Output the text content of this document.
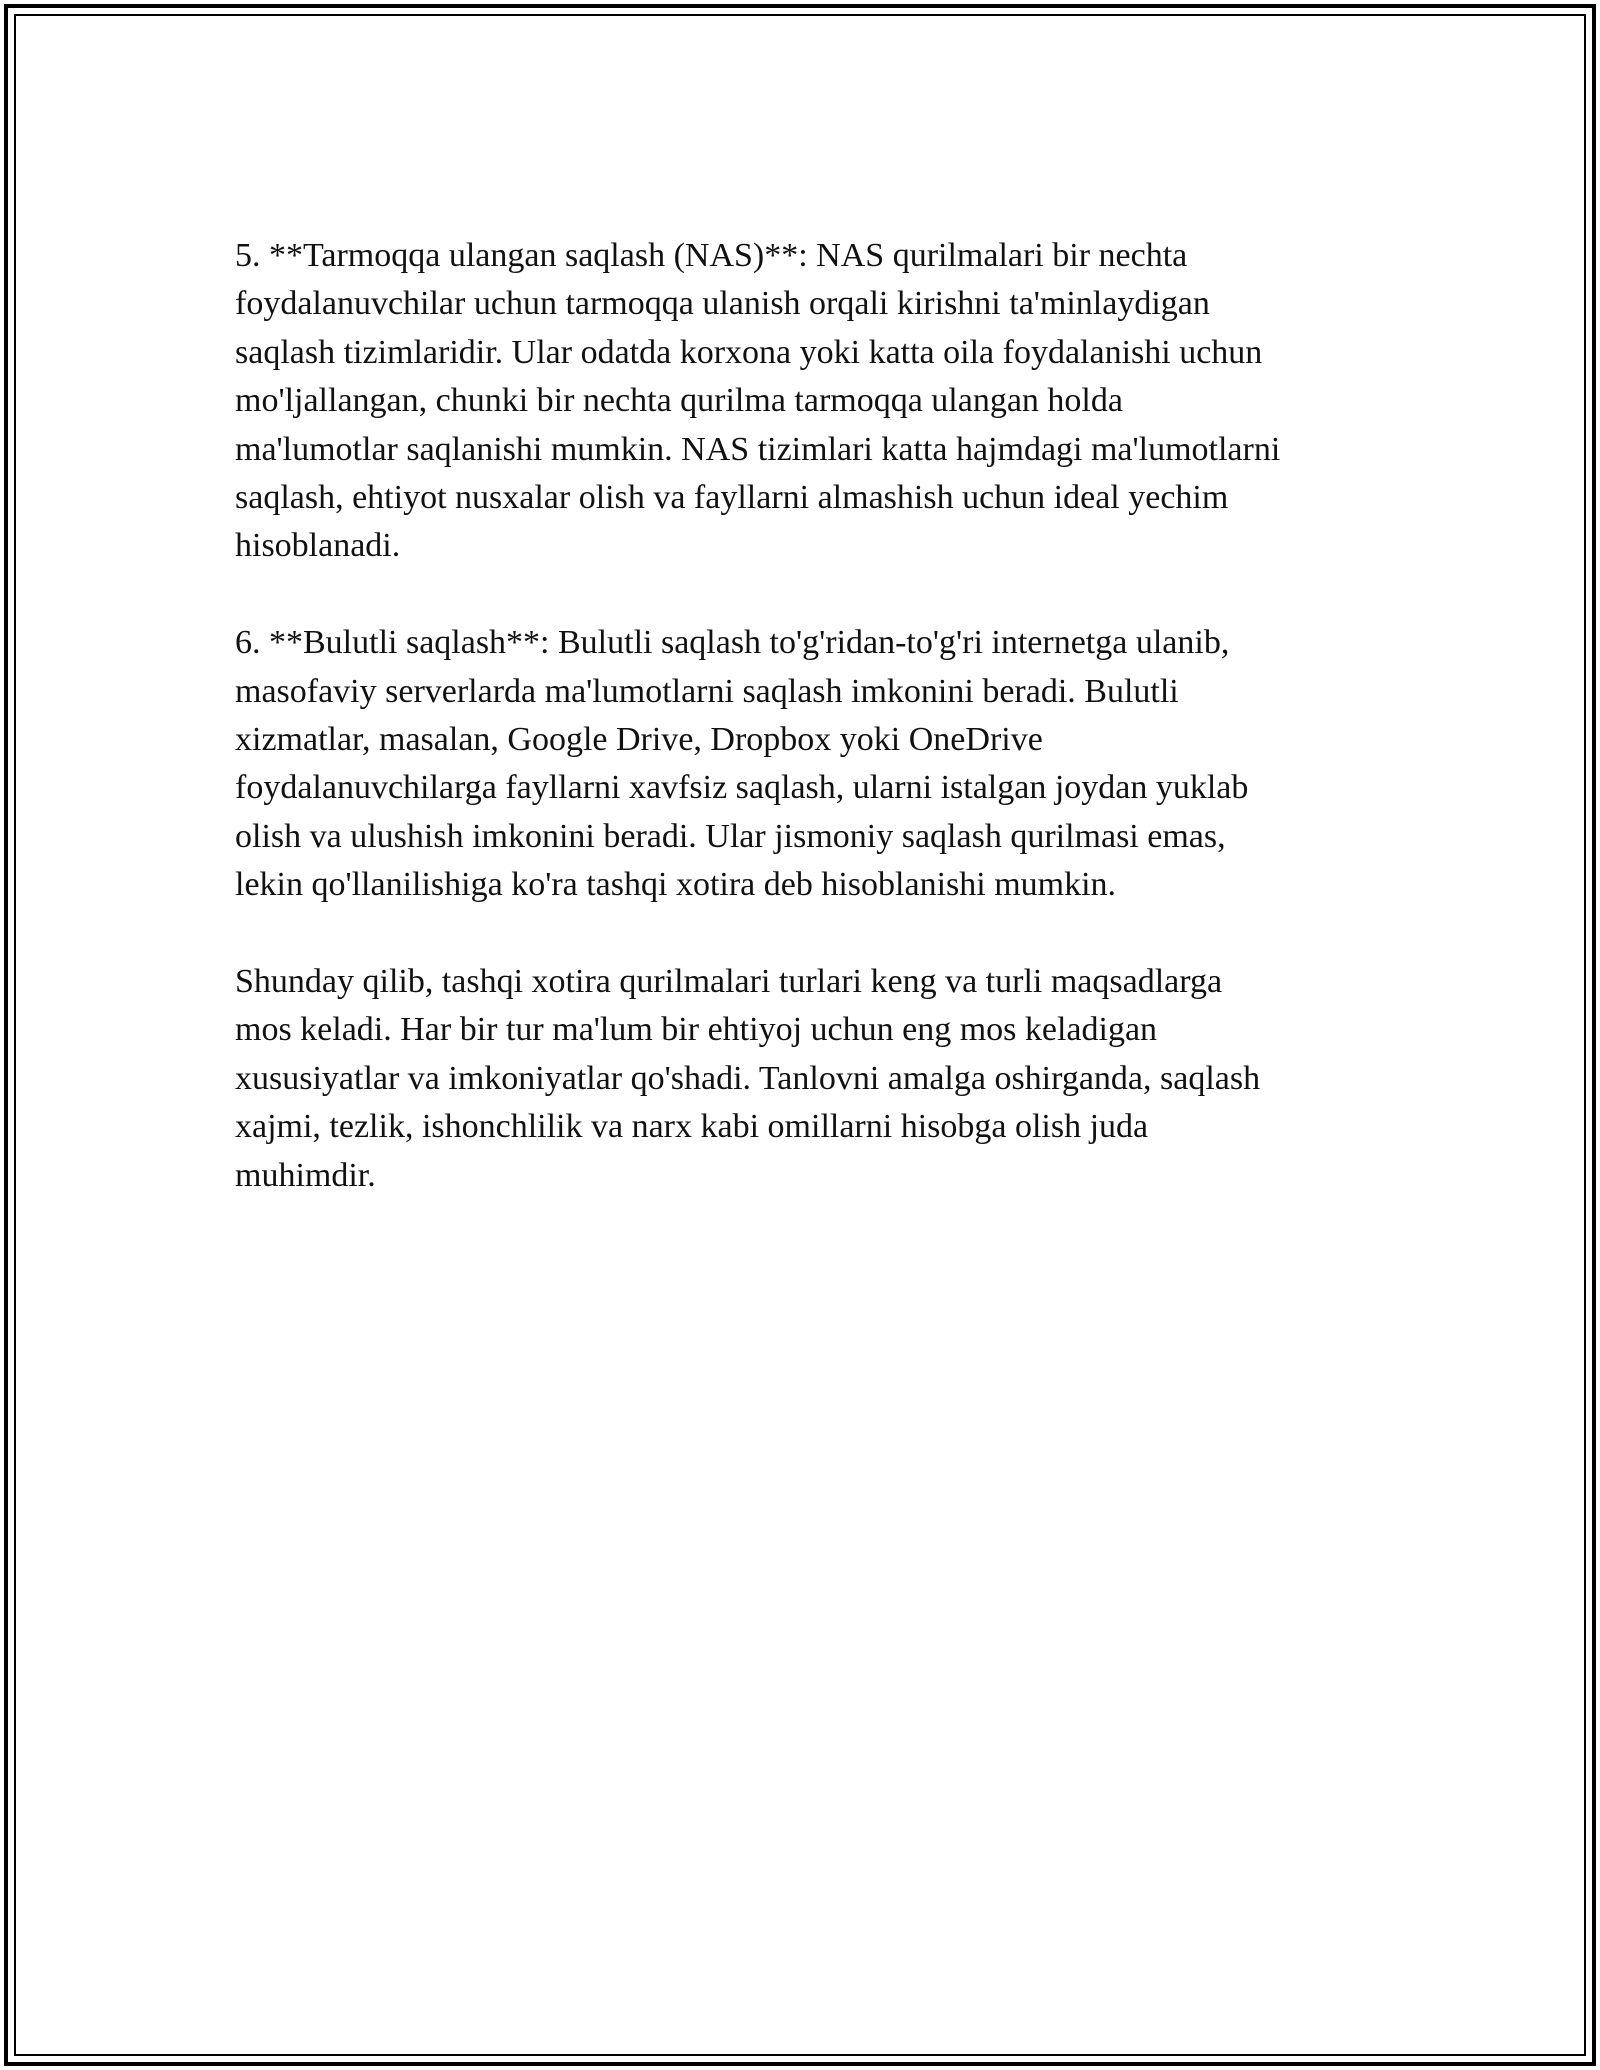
5. **Tarmoqqa ulangan saqlash (NAS)**: NAS qurilmalari bir nechta
foydalanuvchilar uchun tarmoqqa ulanish orqali kirishni ta'minlaydigan
saqlash tizimlaridir. Ular odatda korxona yoki katta oila foydalanishi uchun
mo'ljallangan, chunki bir nechta qurilma tarmoqqa ulangan holda
ma'lumotlar saqlanishi mumkin. NAS tizimlari katta hajmdagi ma'lumotlarni
saqlash, ehtiyot nusxalar olish va fayllarni almashish uchun ideal yechim
hisoblanadi.

6. **Bulutli saqlash**: Bulutli saqlash to'g'ridan-to'g'ri internetga ulanib,
masofaviy serverlarda ma'lumotlarni saqlash imkonini beradi. Bulutli
xizmatlar, masalan, Google Drive, Dropbox yoki OneDrive
foydalanuvchilarga fayllarni xavfsiz saqlash, ularni istalgan joydan yuklab
olish va ulushish imkonini beradi. Ular jismoniy saqlash qurilmasi emas,
lekin qo'llanilishiga ko'ra tashqi xotira deb hisoblanishi mumkin.

Shunday qilib, tashqi xotira qurilmalari turlari keng va turli maqsadlarga
mos keladi. Har bir tur ma'lum bir ehtiyoj uchun eng mos keladigan
xususiyatlar va imkoniyatlar qo'shadi. Tanlovni amalga oshirganda, saqlash
xajmi, tezlik, ishonchlilik va narx kabi omillarni hisobga olish juda
muhimdir.
